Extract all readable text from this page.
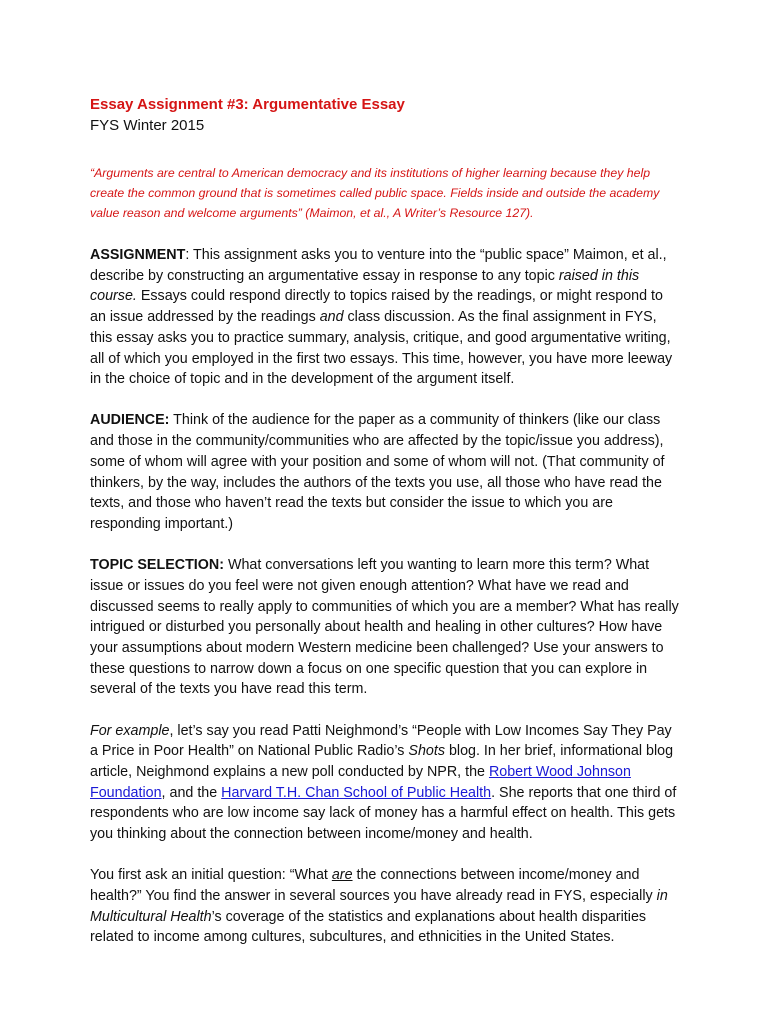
Essay Assignment #3: Argumentative Essay

FYS Winter 2015

“Arguments are central to American democracy and its institutions of higher learning because they help create the common ground that is sometimes called public space. Fields inside and outside the academy value reason and welcome arguments” (Maimon, et al., A Writer’s Resource 127).

ASSIGNMENT: This assignment asks you to venture into the “public space” Maimon, et al., describe by constructing an argumentative essay in response to any topic raised in this course. Essays could respond directly to topics raised by the readings, or might respond to an issue addressed by the readings and class discussion. As the final assignment in FYS, this essay asks you to practice summary, analysis, critique, and good argumentative writing, all of which you employed in the first two essays. This time, however, you have more leeway in the choice of topic and in the development of the argument itself.

AUDIENCE: Think of the audience for the paper as a community of thinkers (like our class and those in the community/communities who are affected by the topic/issue you address), some of whom will agree with your position and some of whom will not. (That community of thinkers, by the way, includes the authors of the texts you use, all those who have read the texts, and those who haven’t read the texts but consider the issue to which you are responding important.)

TOPIC SELECTION: What conversations left you wanting to learn more this term? What issue or issues do you feel were not given enough attention? What have we read and discussed seems to really apply to communities of which you are a member? What has really intrigued or disturbed you personally about health and healing in other cultures? How have your assumptions about modern Western medicine been challenged? Use your answers to these questions to narrow down a focus on one specific question that you can explore in several of the texts you have read this term.

For example, let’s say you read Patti Neighmond’s “People with Low Incomes Say They Pay a Price in Poor Health” on National Public Radio’s Shots blog. In her brief, informational blog article, Neighmond explains a new poll conducted by NPR, the Robert Wood Johnson Foundation, and the Harvard T.H. Chan School of Public Health. She reports that one third of respondents who are low income say lack of money has a harmful effect on health. This gets you thinking about the connection between income/money and health.

You first ask an initial question: “What are the connections between income/money and health?” You find the answer in several sources you have already read in FYS, especially in Multicultural Health’s coverage of the statistics and explanations about health disparities related to income among cultures, subcultures, and ethnicities in the United States.
